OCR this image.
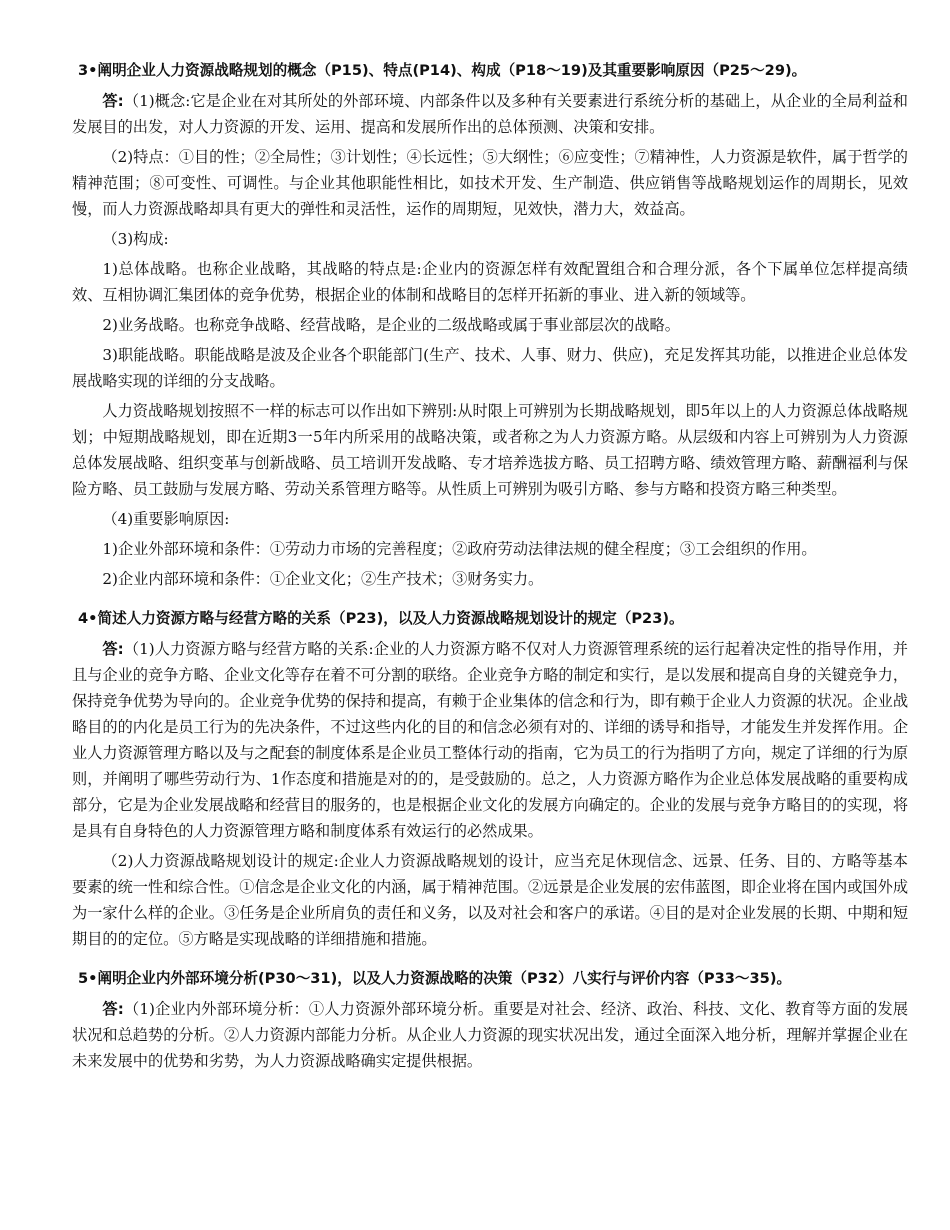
3•阐明企业人力资源战略规划的概念（P15)、特点(P14)、构成（P18～19)及其重要影响原因（P25～29)。

答:（1)概念:它是企业在对其所处的外部环境、内部条件以及多种有关要素进行系统分析的基础上，从企业的全局利益和发展目的出发，对人力资源的开发、运用、提高和发展所作出的总体预测、决策和安排。

（2)特点：①目的性；②全局性；③计划性；④长远性；⑤大纲性；⑥应变性；⑦精神性，人力资源是软件，属于哲学的精神范围；⑧可变性、可调性。与企业其他职能性相比，如技术开发、生产制造、供应销售等战略规划运作的周期长，见效慢，而人力资源战略却具有更大的弹性和灵活性，运作的周期短，见效快，潜力大，效益高。

（3)构成:

1)总体战略。也称企业战略，其战略的特点是:企业内的资源怎样有效配置组合和合理分派，各个下属单位怎样提高绩效、互相协调汇集团体的竞争优势，根据企业的体制和战略目的怎样开拓新的事业、进入新的领域等。

2)业务战略。也称竞争战略、经营战略，是企业的二级战略或属于事业部层次的战略。

3)职能战略。职能战略是波及企业各个职能部门(生产、技术、人事、财力、供应)，充足发挥其功能，以推进企业总体发展战略实现的详细的分支战略。

人力资战略规划按照不一样的标志可以作出如下辨别:从时限上可辨别为长期战略规划，即5年以上的人力资源总体战略规划；中短期战略规划，即在近期3一5年内所采用的战略决策，或者称之为人力资源方略。从层级和内容上可辨别为人力资源总体发展战略、组织变革与创新战略、员工培训开发战略、专才培养选拔方略、员工招聘方略、绩效管理方略、薪酬福利与保险方略、员工鼓励与发展方略、劳动关系管理方略等。从性质上可辨别为吸引方略、参与方略和投资方略三种类型。

（4)重要影响原因:

1)企业外部环境和条件：①劳动力市场的完善程度；②政府劳动法律法规的健全程度；③工会组织的作用。

2)企业内部环境和条件：①企业文化；②生产技术；③财务实力。

4•简述人力资源方略与经营方略的关系（P23)，以及人力资源战略规划设计的规定（P23)。

答:（1)人力资源方略与经营方略的关系:企业的人力资源方略不仅对人力资源管理系统的运行起着决定性的指导作用，并且与企业的竞争方略、企业文化等存在着不可分割的联络。企业竞争方略的制定和实行，是以发展和提高自身的关键竞争力，保持竞争优势为导向的。企业竞争优势的保持和提高，有赖于企业集体的信念和行为，即有赖于企业人力资源的状况。企业战略目的的内化是员工行为的先决条件，不过这些内化的目的和信念必须有对的、详细的诱导和指导，才能发生并发挥作用。企业人力资源管理方略以及与之配套的制度体系是企业员工整体行动的指南，它为员工的行为指明了方向，规定了详细的行为原则，并阐明了哪些劳动行为、1作态度和措施是对的的，是受鼓励的。总之，人力资源方略作为企业总体发展战略的重要构成部分，它是为企业发展战略和经营目的服务的，也是根据企业文化的发展方向确定的。企业的发展与竞争方略目的的实现，将是具有自身特色的人力资源管理方略和制度体系有效运行的必然成果。

（2)人力资源战略规划设计的规定:企业人力资源战略规划的设计，应当充足休现信念、远景、任务、目的、方略等基本要素的统一性和综合性。①信念是企业文化的内涵，属于精神范围。②远景是企业发展的宏伟蓝图，即企业将在国内或国外成为一家什么样的企业。③任务是企业所肩负的责任和义务，以及对社会和客户的承诺。④目的是对企业发展的长期、中期和短期目的的定位。⑤方略是实现战略的详细措施和措施。

5•阐明企业内外部环境分析(P30～31)，以及人力资源战略的决策（P32）八实行与评价内容（P33～35)。

答:（1)企业内外部环境分析：①人力资源外部环境分析。重要是对社会、经济、政治、科技、文化、教育等方面的发展状况和总趋势的分析。②人力资源内部能力分析。从企业人力资源的现实状况出发，通过全面深入地分析，理解并掌握企业在未来发展中的优势和劣势，为人力资源战略确实定提供根据。
